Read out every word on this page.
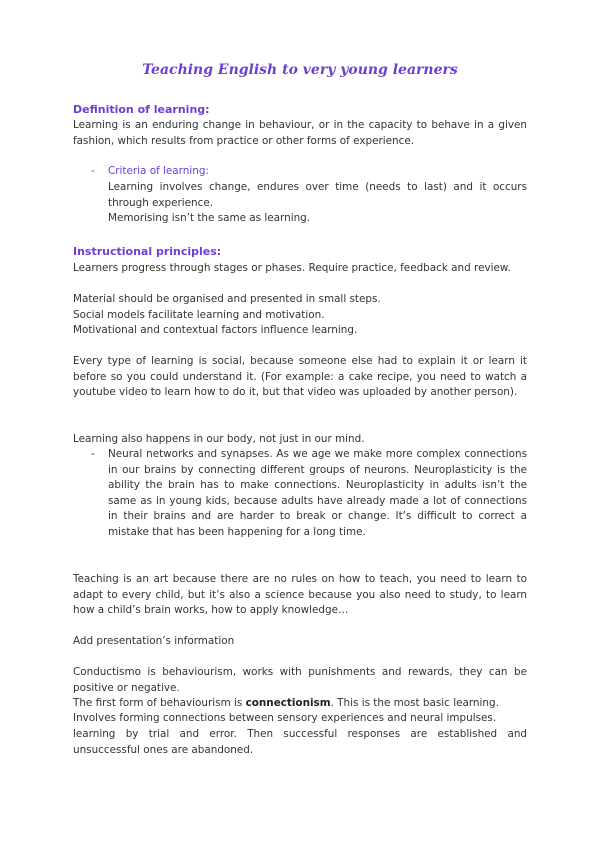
Teaching English to very young learners
Definition of learning:

Learning is an enduring change in behaviour, or in the capacity to behave in a given fashion, which results from practice or other forms of experience.

- Criteria of learning:

Learning involves change, endures over time (needs to last) and it occurs through experience.

Memorising isn’t the same as learning.

Instructional principles:

Learners progress through stages or phases. Require practice, feedback and review.

Material should be organised and presented in small steps.

Social models facilitate learning and motivation.

Motivational and contextual factors influence learning.

Every type of learning is social, because someone else had to explain it or learn it before so you could understand it. (For example: a cake recipe, you need to watch a youtube video to learn how to do it, but that video was uploaded by another person).

Learning also happens in our body, not just in our mind.

- Neural networks and synapses. As we age we make more complex connections in our brains by connecting different groups of neurons. Neuroplasticity is the ability the brain has to make connections. Neuroplasticity in adults isn’t the same as in young kids, because adults have already made a lot of connections in their brains and are harder to break or change. It’s difficult to correct a mistake that has been happening for a long time.

Teaching is an art because there are no rules on how to teach, you need to learn to adapt to every child, but it’s also a science because you also need to study, to learn how a child’s brain works, how to apply knowledge…

Add presentation’s information

Conductismo is behaviourism, works with punishments and rewards, they can be positive or negative.

The first form of behaviourism is connectionism. This is the most basic learning.

Involves forming connections between sensory experiences and neural impulses.

learning by trial and error. Then successful responses are established and unsuccessful ones are abandoned.
